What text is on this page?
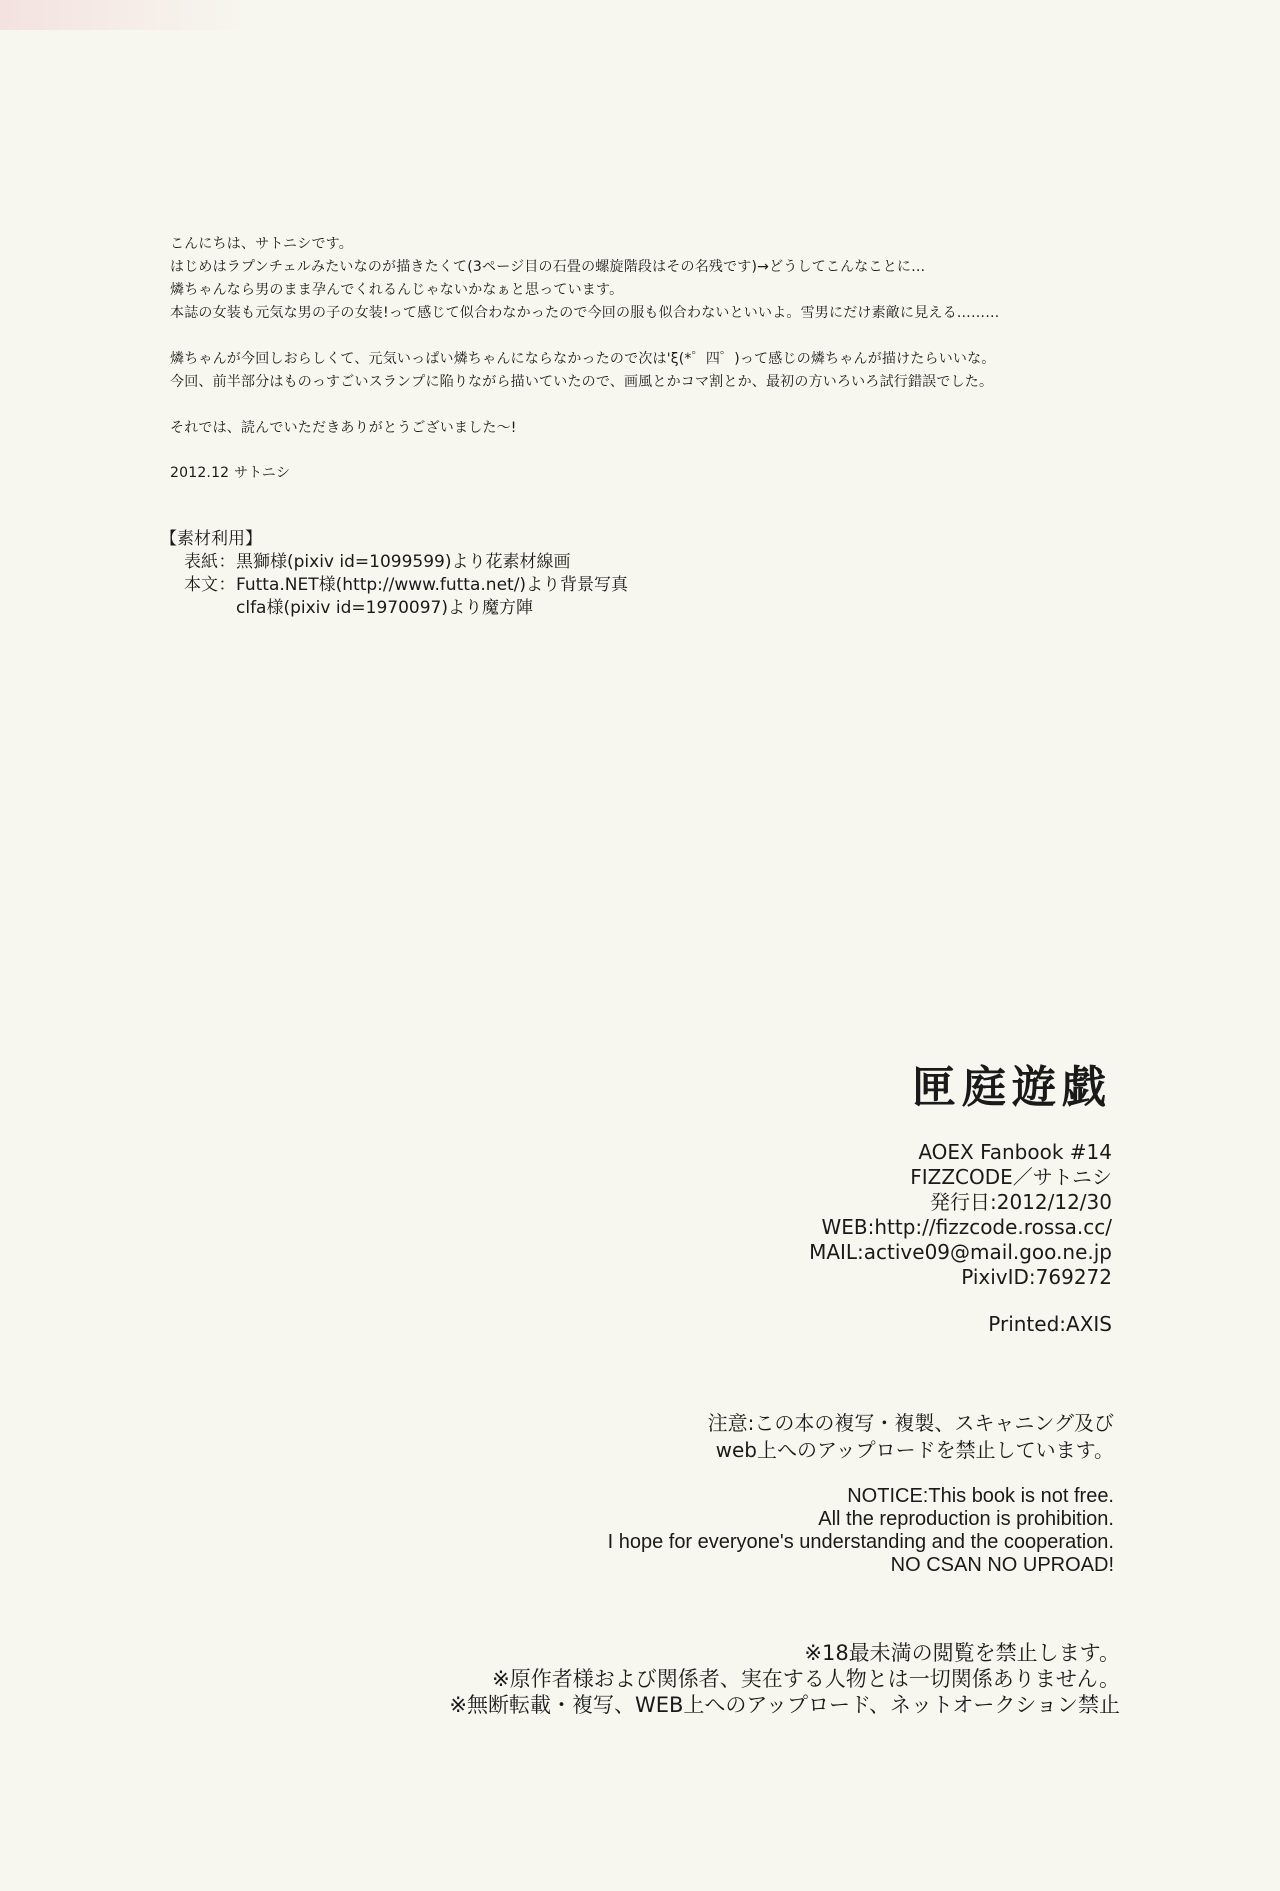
こんにちは、サトニシです。
はじめはラプンチェルみたいなのが描きたくて(3ページ目の石畳の螺旋階段はその名残です)→どうしてこんなことに…
燐ちゃんなら男のまま孕んでくれるんじゃないかなぁと思っています。
本誌の女装も元気な男の子の女装!って感じて似合わなかったので今回の服も似合わないといいよ。雪男にだけ素敵に見える………
燐ちゃんが今回しおらしくて、元気いっぱい燐ちゃんにならなかったので次は'ξ(*゜四゜)って感じの燐ちゃんが描けたらいいな。
今回、前半部分はものっすごいスランプに陥りながら描いていたので、画風とかコマ割とか、最初の方いろいろ試行錯誤でした。
それでは、読んでいただきありがとうございました〜!
2012.12 サトニシ
【素材利用】
表紙 ： 黒獅様(pixiv id=1099599)より花素材線画
本文 ： Futta.NET様(http://www.futta.net/)より背景写真
clfa様(pixiv id=1970097)より魔方陣
匣庭遊戯
AOEX Fanbook #14
FIZZCODE／サトニシ
発行日:2012/12/30
WEB:http://fizzcode.rossa.cc/
MAIL:active09@mail.goo.ne.jp
PixivID:769272
Printed:AXIS
注意:この本の複写・複製、スキャニング及び
web上へのアップロードを禁止しています。
NOTICE:This book is not free.
All the reproduction is prohibition.
I hope for everyone's understanding and the cooperation.
NO CSAN NO UPROAD!
※18最未満の閲覧を禁止します。
※原作者様および関係者、実在する人物とは一切関係ありません。
※無断転載・複写、WEB上へのアップロード、ネットオークション禁止
